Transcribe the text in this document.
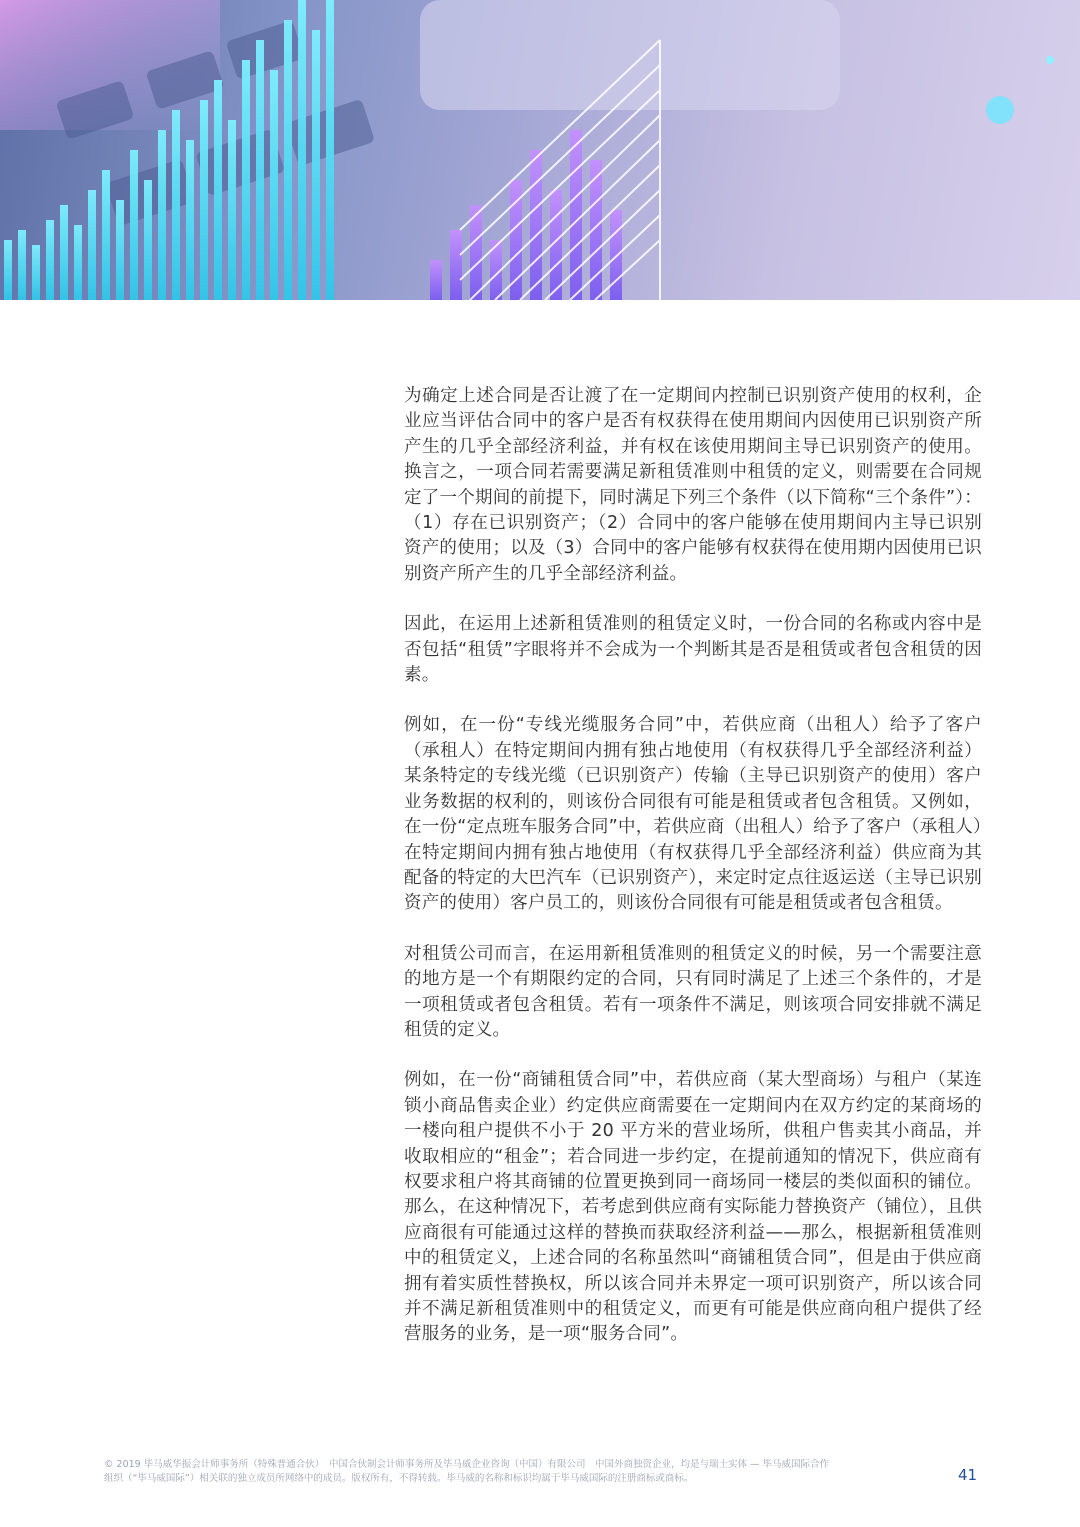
为确定上述合同是否让渡了在一定期间内控制已识别资产使用的权利，企业应当评估合同中的客户是否有权获得在使用期间内因使用已识别资产所产生的几乎全部经济利益，并有权在该使用期间主导已识别资产的使用。换言之，一项合同若需要满足新租赁准则中租赁的定义，则需要在合同规定了一个期间的前提下，同时满足下列三个条件（以下简称“三个条件”）：（1）存在已识别资产；（2）合同中的客户能够在使用期间内主导已识别资产的使用；以及（3）合同中的客户能够有权获得在使用期内因使用已识别资产所产生的几乎全部经济利益。

因此，在运用上述新租赁准则的租赁定义时，一份合同的名称或内容中是否包括“租赁”字眼将并不会成为一个判断其是否是租赁或者包含租赁的因素。

例如，在一份“专线光缆服务合同”中，若供应商（出租人）给予了客户（承租人）在特定期间内拥有独占地使用（有权获得几乎全部经济利益）某条特定的专线光缆（已识别资产）传输（主导已识别资产的使用）客户业务数据的权利的，则该份合同很有可能是租赁或者包含租赁。又例如，在一份“定点班车服务合同”中，若供应商（出租人）给予了客户（承租人）在特定期间内拥有独占地使用（有权获得几乎全部经济利益）供应商为其配备的特定的大巴汽车（已识别资产），来定时定点往返运送（主导已识别资产的使用）客户员工的，则该份合同很有可能是租赁或者包含租赁。

对租赁公司而言，在运用新租赁准则的租赁定义的时候，另一个需要注意的地方是一个有期限约定的合同，只有同时满足了上述三个条件的，才是一项租赁或者包含租赁。若有一项条件不满足，则该项合同安排就不满足租赁的定义。

例如，在一份“商铺租赁合同”中，若供应商（某大型商场）与租户（某连锁小商品售卖企业）约定供应商需要在一定期间内在双方约定的某商场的一楼向租户提供不小于 20 平方米的营业场所，供租户售卖其小商品，并收取相应的“租金”；若合同进一步约定，在提前通知的情况下，供应商有权要求租户将其商铺的位置更换到同一商场同一楼层的类似面积的铺位。那么，在这种情况下，若考虑到供应商有实际能力替换资产（铺位），且供应商很有可能通过这样的替换而获取经济利益——那么，根据新租赁准则中的租赁定义，上述合同的名称虽然叫“商铺租赁合同”，但是由于供应商拥有着实质性替换权，所以该合同并未界定一项可识别资产，所以该合同并不满足新租赁准则中的租赁定义，而更有可能是供应商向租户提供了经营服务的业务，是一项“服务合同”。

© 2019 毕马威华振会计师事务所（特殊普通合伙）　中国合伙制会计师事务所及毕马威企业咨询（中国）有限公司　中国外商独资企业，均是与瑞士实体 — 毕马威国际合作组织（“毕马威国际”）相关联的独立成员所网络中的成员。版权所有，不得转载。毕马威的名称和标识均属于毕马威国际的注册商标或商标。	41
